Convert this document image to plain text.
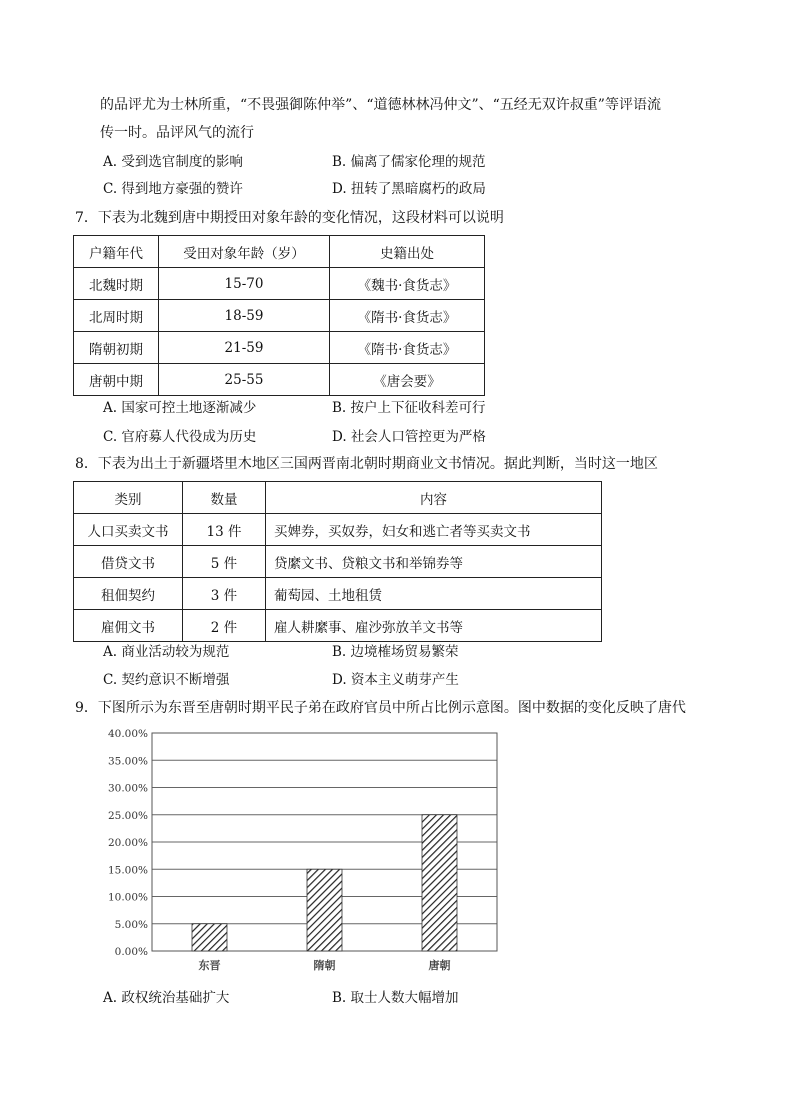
的品评尤为士林所重，“不畏强御陈仲举”、“道德林林冯仲文”、“五经无双许叔重”等评语流
传一时。品评风气的流行
A. 受到选官制度的影响	B. 偏离了儒家伦理的规范
C. 得到地方豪强的赞许	D. 扭转了黑暗腐朽的政局
7．下表为北魏到唐中期授田对象年龄的变化情况，这段材料可以说明
户籍年代	受田对象年龄（岁）	史籍出处
北魏时期	15-70	《魏书·食货志》
北周时期	18-59	《隋书·食货志》
隋朝初期	21-59	《隋书·食货志》
唐朝中期	25-55	《唐会要》
A. 国家可控土地逐渐减少	B. 按户上下征收科差可行
C. 官府募人代役成为历史	D. 社会人口管控更为严格
8．下表为出土于新疆塔里木地区三国两晋南北朝时期商业文书情况。据此判断，当时这一地区
类别	数量	内容
人口买卖文书	13 件	买婢券，买奴券，妇女和逃亡者等买卖文书
借贷文书	5 件	贷縻文书、贷粮文书和举锦券等
租佃契约	3 件	葡萄园、土地租赁
雇佣文书	2 件	雇人耕縻事、雇沙弥放羊文书等
A. 商业活动较为规范	B. 边境榷场贸易繁荣
C. 契约意识不断增强	D. 资本主义萌芽产生
9．下图所示为东晋至唐朝时期平民子弟在政府官员中所占比例示意图。图中数据的变化反映了唐代
0.00%
5.00%
10.00%
15.00%
20.00%
25.00%
30.00%
35.00%
40.00%
东晋	隋朝	唐朝
A. 政权统治基础扩大	B. 取士人数大幅增加
